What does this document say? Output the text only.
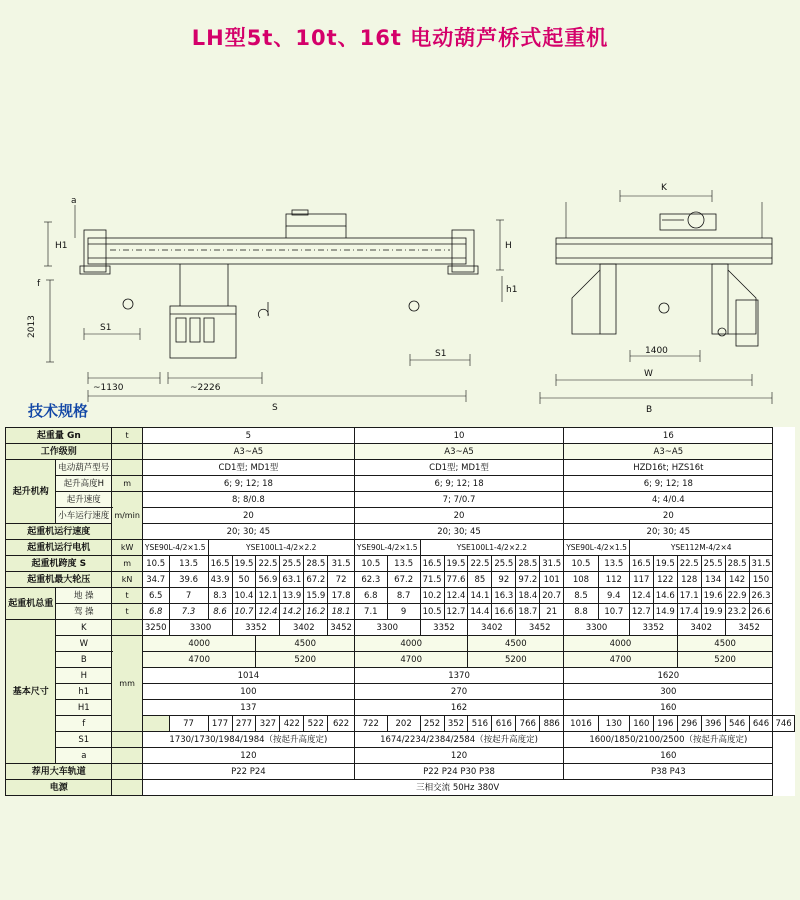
LH型5t、10t、16t 电动葫芦桥式起重机
a
H1
f
2013	S1
S1
~1130	~2226
S
H
h1
K
1400
W
B
技术规格
起重量 Gn		t	5								10								16								
工作级别			A3~A5								A3~A5								A3~A5								
起升机构	电动葫芦型号		CD1型; MD1型								CD1型; MD1型								HZD16t; HZS16t								
	起升高度H	m	6; 9; 12; 18								6; 9; 12; 18								6; 9; 12; 18								
	起升速度	m/min	8; 8/0.8								7; 7/0.7								4; 4/0.4								
	小车运行速度		20								20								20								
起重机运行速度			20; 30; 45								20; 30; 45								20; 30; 45								
起重机运行电机		kW	YSE90L-4/2×1.5		YSE100L1-4/2×2.2						YSE90L-4/2×1.5		YSE100L1-4/2×2.2						YSE90L-4/2×1.5		YSE112M-4/2×4						
起重机跨度 S		m	10.5	13.5	16.5	19.5	22.5	25.5	28.5	31.5	10.5	13.5	16.5	19.5	22.5	25.5	28.5	31.5	10.5	13.5	16.5	19.5	22.5	25.5	28.5	31.5	
起重机最大轮压		kN	34.7	39.6	43.9	50	56.9	63.1	67.2	72	62.3	67.2	71.5	77.6	85	92	97.2	101	108	112	117	122	128	134	142	150	
起重机总重	地 操	t	6.5	7	8.3	10.4	12.1	13.9	15.9	17.8	6.8	8.7	10.2	12.4	14.1	16.3	18.4	20.7	8.5	9.4	12.4	14.6	17.1	19.6	22.9	26.3	
	驾 操	t	6.8	7.3	8.6	10.7	12.4	14.2	16.2	18.1	7.1	9	10.5	12.7	14.4	16.6	18.7	21	8.8	10.7	12.7	14.9	17.4	19.9	23.2	26.6	
基本尺寸	K		3250	3300		3352		3402		3452	3300		3352		3402		3452		3300		3352		3402		3452		
	W	mm	4000				4500				4000				4500				4000				4500				
	B		4700				5200				4700				5200				4700				5200				
	H		1014								1370								1620								
	h1		100								270								300								
	H1		137								162								160								
	f			77	177	277	327	422	522	622	722	202	252	352	516	616	766	886	1016	130	160	196	296	396	546	646	746
	S1		1730/1730/1984/1984（按起升高度定)								1674/2234/2384/2584（按起升高度定)								1600/1850/2100/2500（按起升高度定)								
	a		120								120								160								
荐用大车轨道			P22 P24								P22 P24 P30 P38								P38 P43								
电源			三相交流 50Hz 380V																								
